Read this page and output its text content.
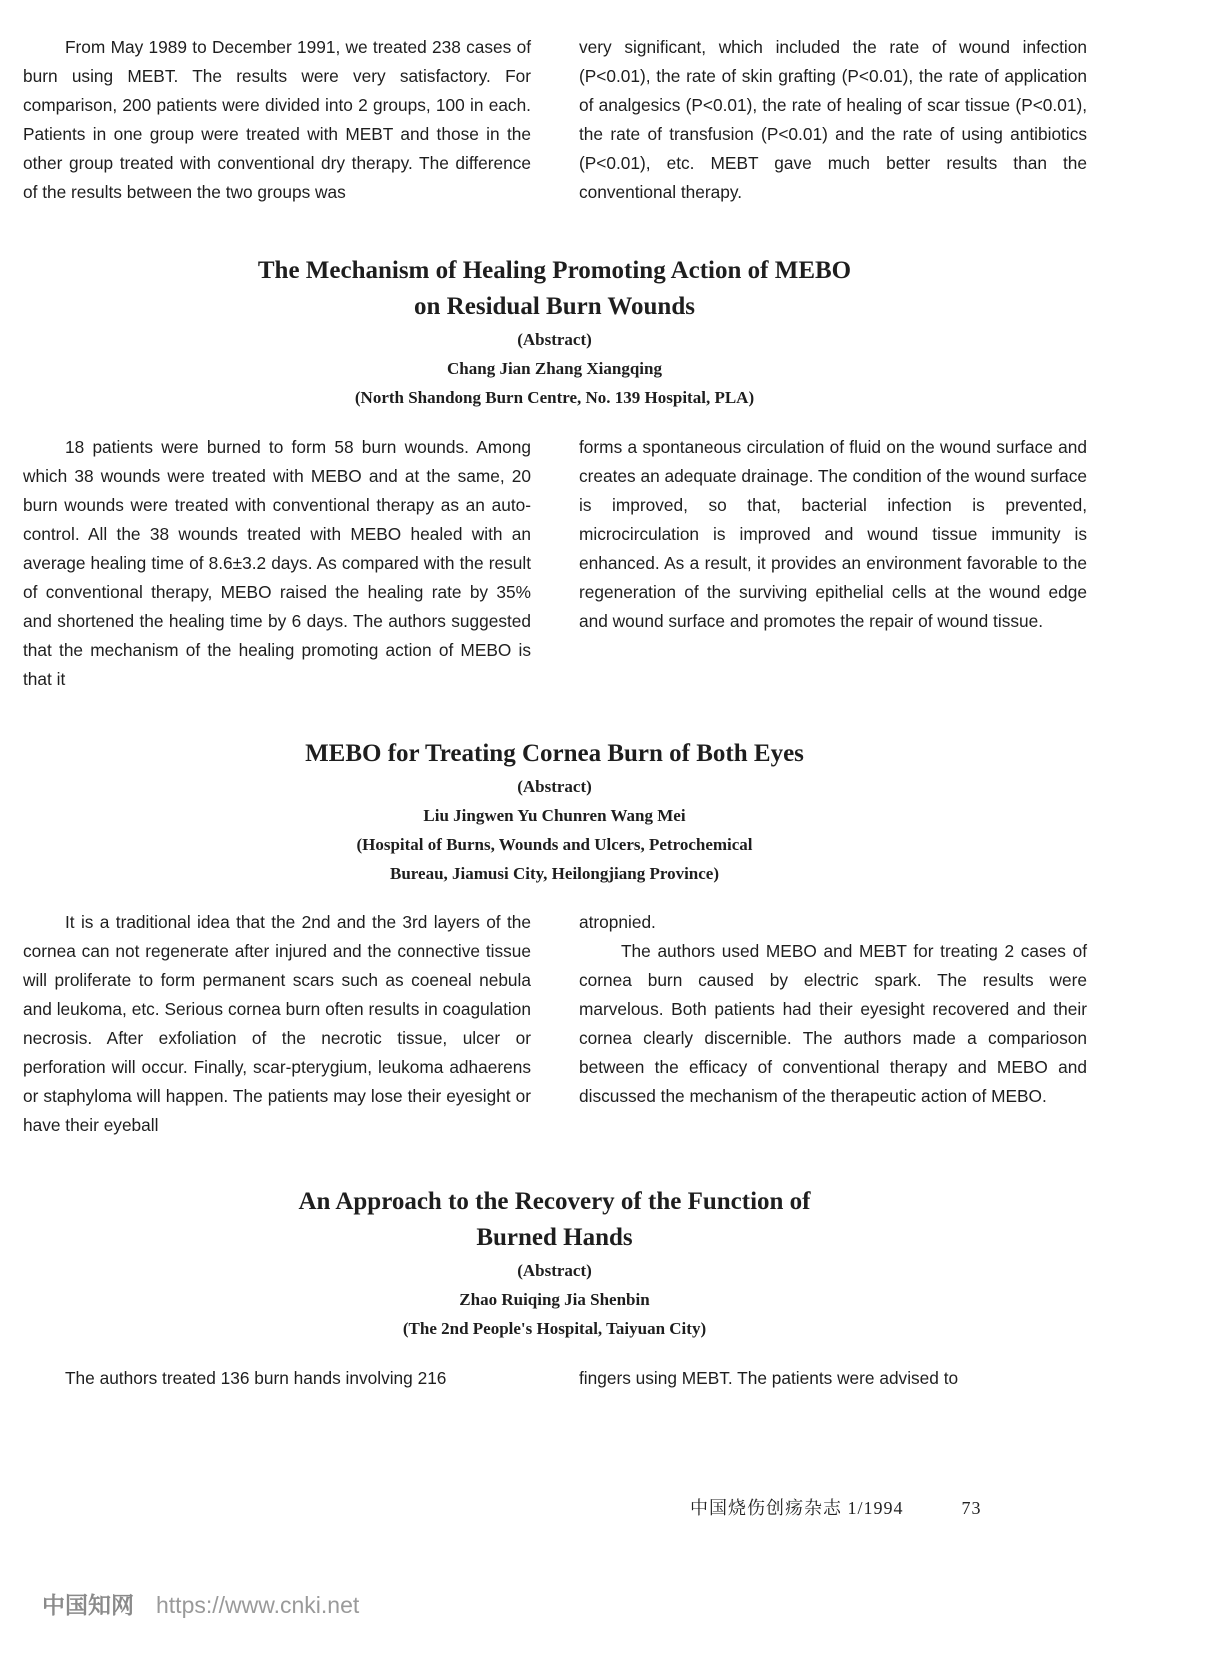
From May 1989 to December 1991, we treated 238 cases of burn using MEBT. The results were very satisfactory. For comparison, 200 patients were divided into 2 groups, 100 in each. Patients in one group were treated with MEBT and those in the other group treated with conventional dry therapy. The difference of the results between the two groups was

very significant, which included the rate of wound infection (P<0.01), the rate of skin grafting (P<0.01), the rate of application of analgesics (P<0.01), the rate of healing of scar tissue (P<0.01), the rate of transfusion (P<0.01) and the rate of using antibiotics (P<0.01), etc. MEBT gave much better results than the conventional therapy.

The Mechanism of Healing Promoting Action of MEBO
on Residual Burn Wounds
(Abstract)
Chang Jian Zhang Xiangqing
(North Shandong Burn Centre, No. 139 Hospital, PLA)

18 patients were burned to form 58 burn wounds. Among which 38 wounds were treated with MEBO and at the same, 20 burn wounds were treated with conventional therapy as an auto-control. All the 38 wounds treated with MEBO healed with an average healing time of 8.6±3.2 days. As compared with the result of conventional therapy, MEBO raised the healing rate by 35% and shortened the healing time by 6 days. The authors suggested that the mechanism of the healing promoting action of MEBO is that it

forms a spontaneous circulation of fluid on the wound surface and creates an adequate drainage. The condition of the wound surface is improved, so that, bacterial infection is prevented, microcirculation is improved and wound tissue immunity is enhanced. As a result, it provides an environment favorable to the regeneration of the surviving epithelial cells at the wound edge and wound surface and promotes the repair of wound tissue.

MEBO for Treating Cornea Burn of Both Eyes
(Abstract)
Liu Jingwen Yu Chunren Wang Mei
(Hospital of Burns, Wounds and Ulcers, Petrochemical
Bureau, Jiamusi City, Heilongjiang Province)

It is a traditional idea that the 2nd and the 3rd layers of the cornea can not regenerate after injured and the connective tissue will proliferate to form permanent scars such as coeneal nebula and leukoma, etc. Serious cornea burn often results in coagulation necrosis. After exfoliation of the necrotic tissue, ulcer or perforation will occur. Finally, scar-pterygium, leukoma adhaerens or staphyloma will happen. The patients may lose their eyesight or have their eyeball

atropnied.

The authors used MEBO and MEBT for treating 2 cases of cornea burn caused by electric spark. The results were marvelous. Both patients had their eyesight recovered and their cornea clearly discernible. The authors made a comparioson between the efficacy of conventional therapy and MEBO and discussed the mechanism of the therapeutic action of MEBO.

An Approach to the Recovery of the Function of
Burned Hands
(Abstract)
Zhao Ruiqing Jia Shenbin
(The 2nd People's Hospital, Taiyuan City)

The authors treated 136 burn hands involving 216	fingers using MEBT. The patients were advised to

中国烧伤创疡杂志 1/1994	73
中国知网 https://www.cnki.net
